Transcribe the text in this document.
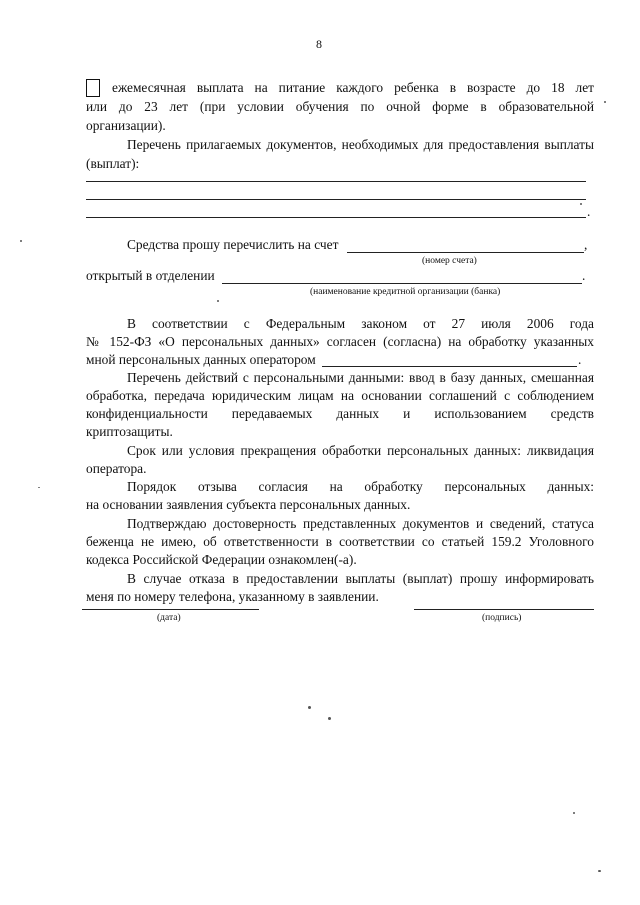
8
ежемесячная выплата на питание каждого ребенка в возрасте до 18 лет
или до 23 лет (при условии обучения по очной форме в образовательной
организации).
Перечень прилагаемых документов, необходимых для предоставления выплаты
(выплат):
.
Средства прошу перечислить на счет	,
(номер счета)
открытый в отделении	.
(наименование кредитной организации (банка)
В соответствии с Федеральным законом от 27 июля 2006 года
№ 152-ФЗ «О персональных данных» согласен (согласна) на обработку указанных
мной персональных данных оператором	.
Перечень действий с персональными данными: ввод в базу данных, смешанная
обработка, передача юридическим лицам на основании соглашений с соблюдением
конфиденциальности передаваемых данных и использованием средств
криптозащиты.
Срок или условия прекращения обработки персональных данных: ликвидация
оператора.
Порядок отзыва согласия на обработку персональных данных:
на основании заявления субъекта персональных данных.
Подтверждаю достоверность представленных документов и сведений, статуса
беженца не имею, об ответственности в соответствии со статьей 159.2 Уголовного
кодекса Российской Федерации ознакомлен(-а).
В случае отказа в предоставлении выплаты (выплат) прошу информировать
меня по номеру телефона, указанному в заявлении.
(дата)	(подпись)
